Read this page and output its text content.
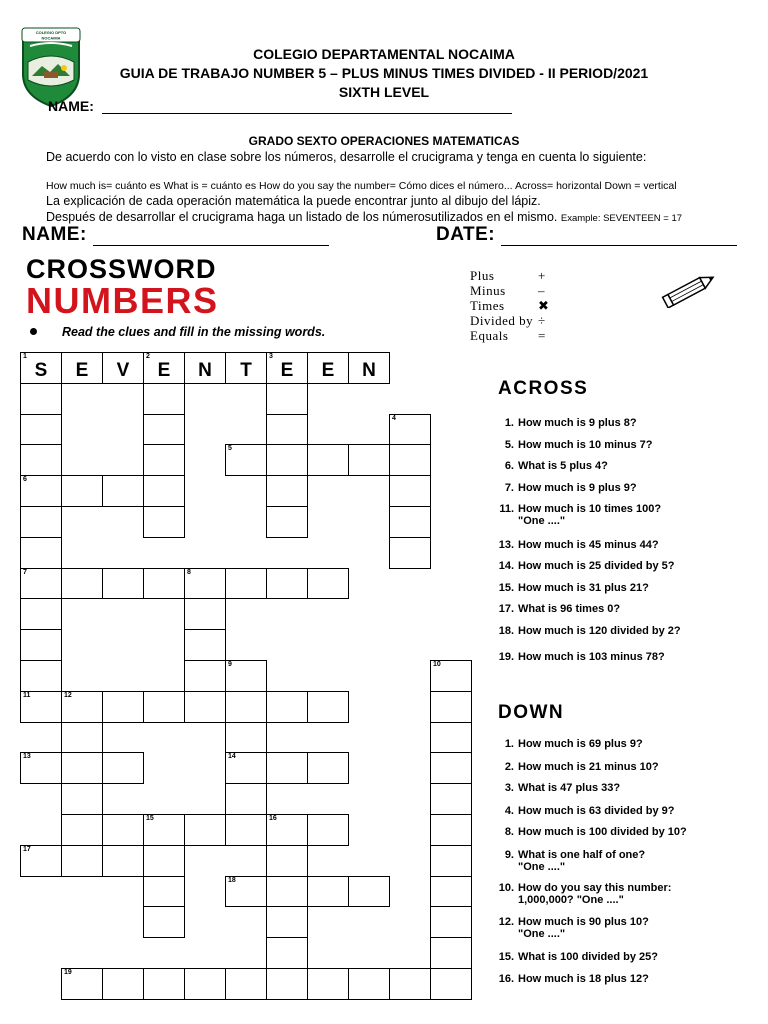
COLEGIO DPTO
NOCAIMA
COLEGIO DEPARTAMENTAL NOCAIMA
GUIA DE TRABAJO NUMBER 5 – PLUS MINUS TIMES DIVIDED - II PERIOD/2021
SIXTH LEVEL
NAME:
GRADO SEXTO OPERACIONES MATEMATICAS
De acuerdo con lo visto en clase sobre los números, desarrolle el crucigrama y tenga en cuenta lo siguiente:
How much is= cuánto es What is = cuánto es How do you say the number= Cómo dices el número... Across= horizontal Down = vertical
La explicación de cada operación matemática la puede encontrar junto al dibujo del lápiz.
Después de desarrollar el crucigrama haga un listado de los númerosutilizados en el mismo. Example: SEVENTEEN = 17
NAME:	DATE:
CROSSWORD
NUMBERS
Read the clues and fill in the missing words.
Plus	+
Minus	–
Times	✖
Divided by ÷
Equals	=
1
S	E	V
2
E	N	T
3
E	E	N
5
6
7	8
11	12
13	14
15	16
17
18
19
4
9	10
ACROSS
1. How much is 9 plus 8?
5. How much is 10 minus 7?
6. What is 5 plus 4?
7. How much is 9 plus 9?
11. How much is 10 times 100?
"One ...."
13. How much is 45 minus 44?
14. How much is 25 divided by 5?
15. How much is 31 plus 21?
17. What is 96 times 0?
18. How much is 120 divided by 2?
19. How much is 103 minus 78?
DOWN
1. How much is 69 plus 9?
2. How much is 21 minus 10?
3. What is 47 plus 33?
4. How much is 63 divided by 9?
8. How much is 100 divided by 10?
9. What is one half of one?
"One ...."
10. How do you say this number:
1,000,000? "One ...."
12. How much is 90 plus 10?
"One ...."
15. What is 100 divided by 25?
16. How much is 18 plus 12?
